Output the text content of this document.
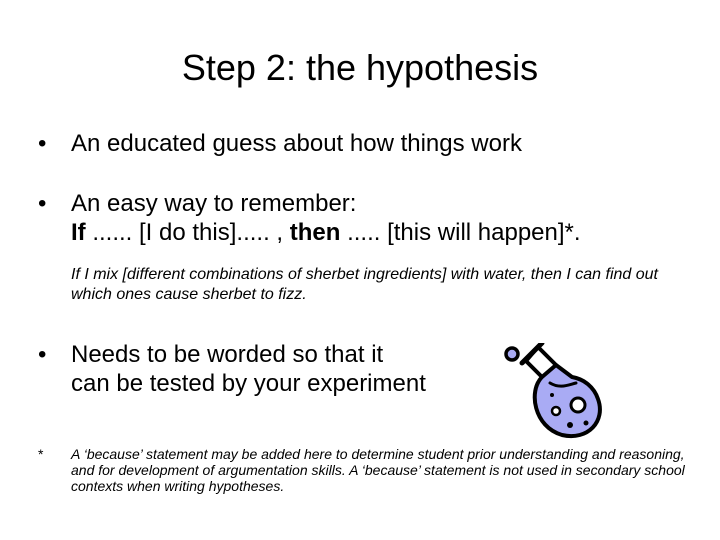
Step 2: the hypothesis
• An educated guess about how things work
• An easy way to remember:
If ...... [I do this]..... , then ..... [this will happen]*.
If I mix [different combinations of sherbet ingredients] with water, then I can find out which ones cause sherbet to fizz.
• Needs to be worded so that it
can be tested by your experiment
* A ‘because’ statement may be added here to determine student prior understanding and reasoning, and for development of argumentation skills. A ‘because’ statement is not used in secondary school contexts when writing hypotheses.
